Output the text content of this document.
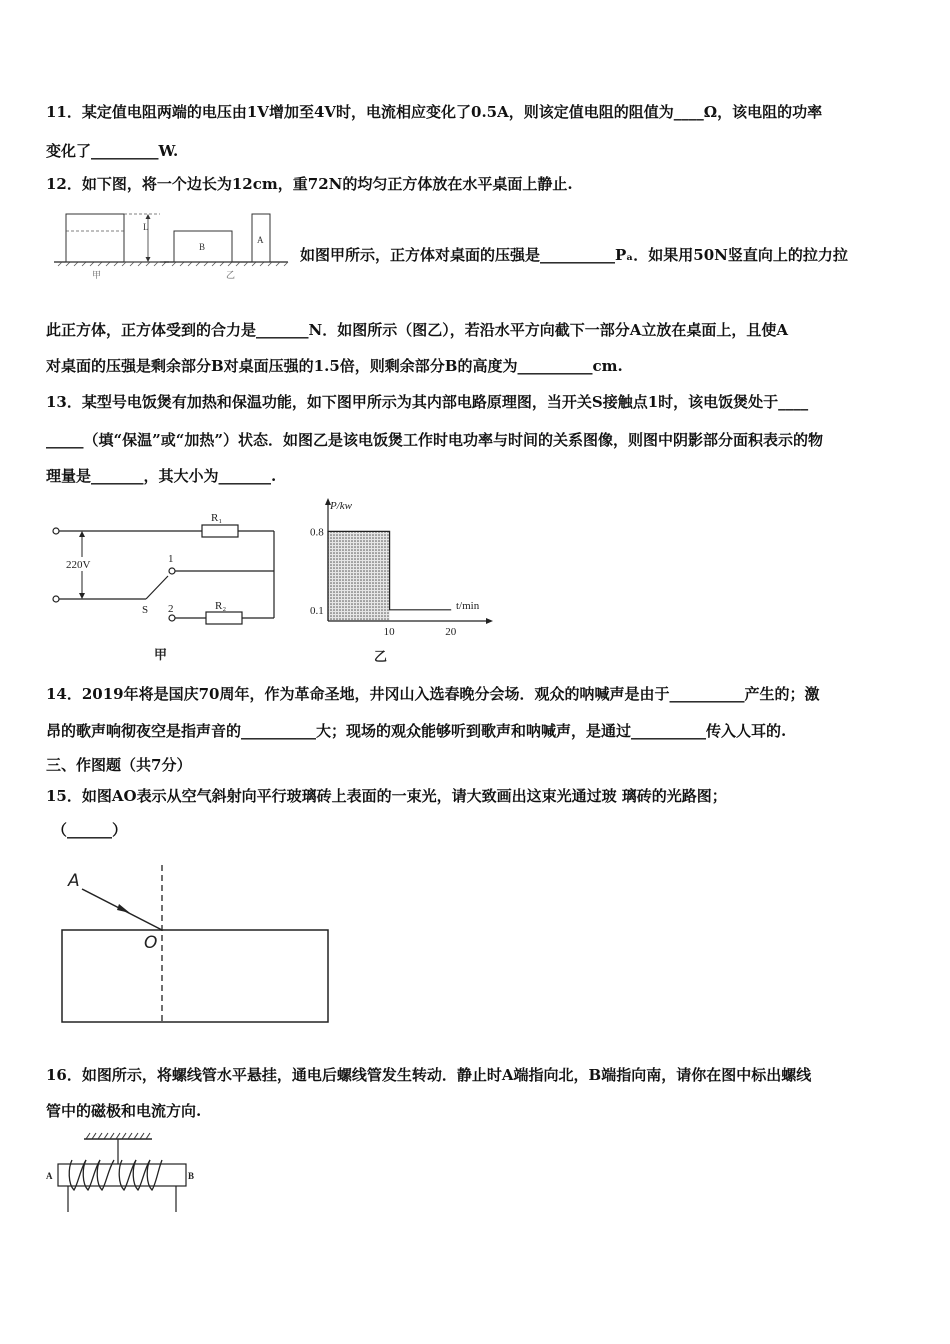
11．某定值电阻两端的电压由1V增加至4V时，电流相应变化了0.5A，则该定值电阻的阻值为____Ω，该电阻的功率
变化了_________W.
12．如下图，将一个边长为12cm，重72N的均匀正方体放在水平桌面上静止.
L
B
A
甲	乙
如图甲所示，正方体对桌面的压强是__________Pₐ．如果用50N竖直向上的拉力拉
此正方体，正方体受到的合力是_______N．如图所示（图乙），若沿水平方向截下一部分A立放在桌面上，且使A
对桌面的压强是剩余部分B对桌面压强的1.5倍，则剩余部分B的高度为__________cm.
13．某型号电饭煲有加热和保温功能，如下图甲所示为其内部电路原理图，当开关S接触点1时，该电饭煲处于____
_____（填“保温”或“加热”）状态．如图乙是该电饭煲工作时电功率与时间的关系图像，则图中阴影部分面积表示的物
理量是_______，其大小为_______.
R₁
220V
S
1
2	R₂
甲
P/kw
t/min
0.8
0.1
10	20
乙
14．2019年将是国庆70周年，作为革命圣地，井冈山入选春晚分会场．观众的呐喊声是由于__________产生的；激
昂的歌声响彻夜空是指声音的__________大；现场的观众能够听到歌声和呐喊声，是通过__________传入人耳的.
三、作图题（共7分）
15．如图AO表示从空气斜射向平行玻璃砖上表面的一束光，请大致画出这束光通过玻 璃砖的光路图；
（______）
A
O
16．如图所示，将螺线管水平悬挂，通电后螺线管发生转动．静止时A端指向北，B端指向南，请你在图中标出螺线
管中的磁极和电流方向.
A	B
